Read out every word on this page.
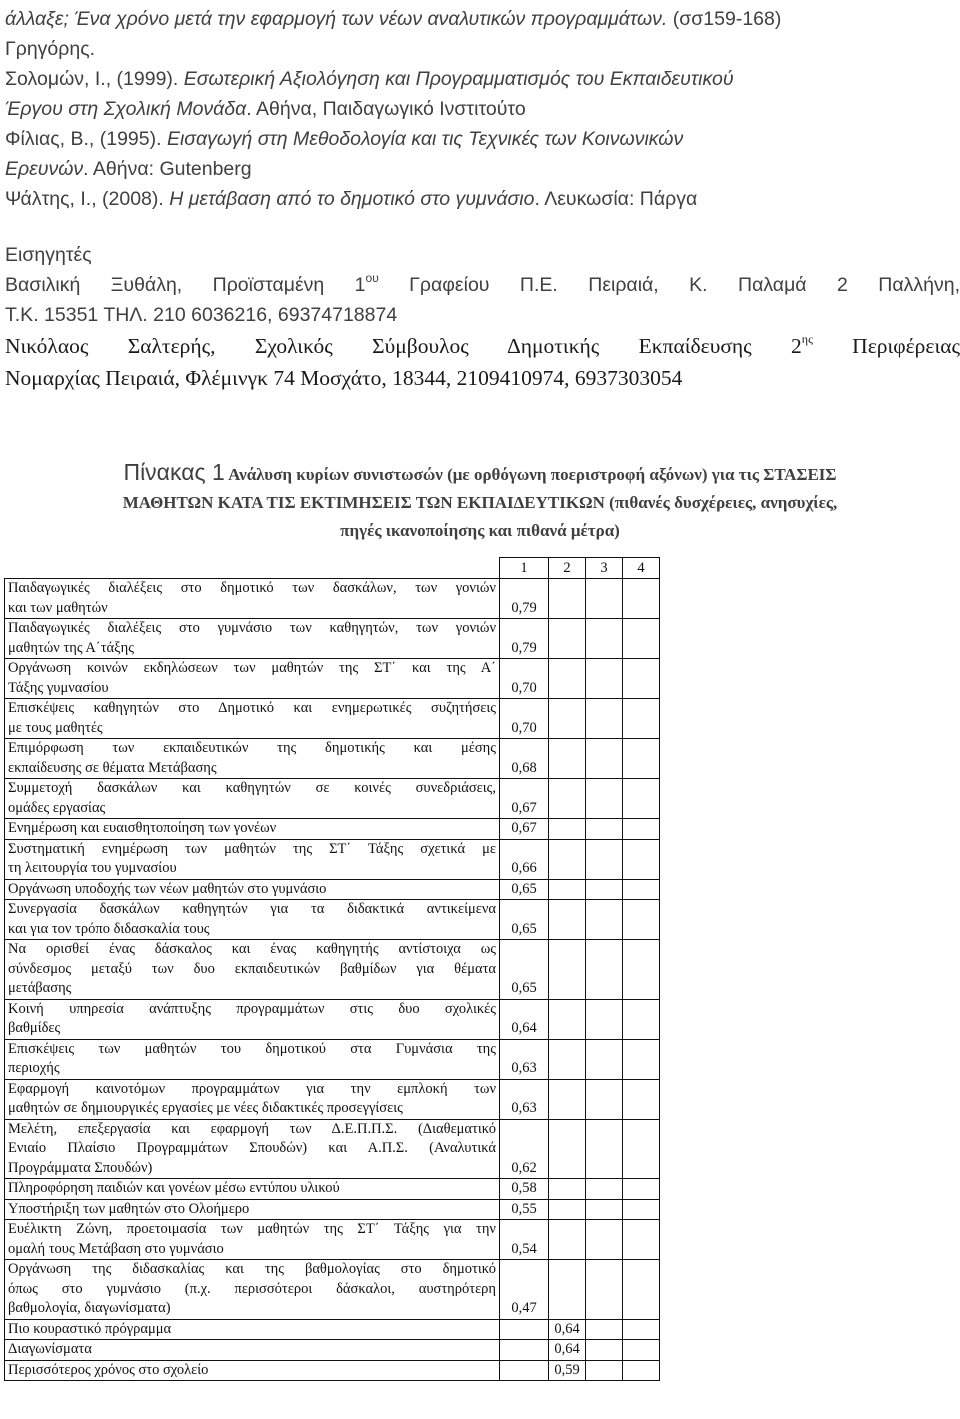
άλλαξε; Ένα χρόνο μετά την εφαρμογή των νέων αναλυτικών προγραμμάτων. (σσ159-168)

Γρηγόρης.

Σολομών, Ι., (1999). Εσωτερική Αξιολόγηση και Προγραμματισμός του Εκπαιδευτικού

Έργου στη Σχολική Μονάδα. Αθήνα, Παιδαγωγικό Ινστιτούτο

Φίλιας, Β., (1995). Εισαγωγή στη Μεθοδολογία και τις Τεχνικές των Κοινωνικών

Ερευνών. Αθήνα: Gutenberg

Ψάλτης, Ι., (2008). Η μετάβαση από το δημοτικό στο γυμνάσιο. Λευκωσία: Πάργα

Εισηγητές

Βασιλική Ξυθάλη, Προϊσταμένη $1^{o\upsilon}$ Γραφείου Π.Ε. Πειραιά, Κ. Παλαμά 2 Παλλήνη,

Τ.Κ. 15351 ΤΗΛ. 210 6036216, 69374718874

Νικόλαος Σαλτερής, Σχολικός Σύμβουλος Δημοτικής Εκπαίδευσης $2^{\eta\varsigma}$ Περιφέρειας

Νομαρχίας Πειραιά, Φλέμινγκ 74 Μοσχάτο, 18344, 2109410974, 6937303054

Πίνακας 1 Ανάλυση κυρίων συνιστωσών (με ορθόγωνη ποεριστροφή αξόνων) για τις ΣΤΑΣΕΙΣ
ΜΑΘΗΤΩΝ ΚΑΤΑ ΤΙΣ ΕΚΤΙΜΗΣΕΙΣ ΤΩΝ ΕΚΠΑΙΔΕΥΤΙΚΩΝ (πιθανές δυσχέρειες, ανησυχίες,
πηγές ικανοποίησης και πιθανά μέτρα)
	1	2	3	4

Παιδαγωγικές διαλέξεις στο δημοτικό των δασκάλων, των γονιών
και των μαθητών	0,79			

Παιδαγωγικές διαλέξεις στο γυμνάσιο των καθηγητών, των γονιών
μαθητών της Α΄τάξης	0,79			

Οργάνωση κοινών εκδηλώσεων των μαθητών της ΣΤ΄ και της Α΄
Τάξης γυμνασίου	0,70			

Επισκέψεις καθηγητών στο Δημοτικό και ενημερωτικές συζητήσεις
με τους μαθητές	0,70			

Επιμόρφωση των εκπαιδευτικών της δημοτικής και μέσης
εκπαίδευσης σε θέματα Μετάβασης	0,68			

Συμμετοχή δασκάλων και καθηγητών σε κοινές συνεδριάσεις,
ομάδες εργασίας	0,67			

Ενημέρωση και ευαισθητοποίηση των γονέων	0,67			

Συστηματική ενημέρωση των μαθητών της ΣΤ΄ Τάξης σχετικά με
τη λειτουργία του γυμνασίου	0,66			

Οργάνωση υποδοχής των νέων μαθητών στο γυμνάσιο	0,65			

Συνεργασία δασκάλων καθηγητών για τα διδακτικά αντικείμενα
και για τον τρόπο διδασκαλία τους	0,65			

Να ορισθεί ένας δάσκαλος και ένας καθηγητής αντίστοιχα ως
σύνδεσμος μεταξύ των δυο εκπαιδευτικών βαθμίδων για θέματα
μετάβασης	0,65			

Κοινή υπηρεσία ανάπτυξης προγραμμάτων στις δυο σχολικές
βαθμίδες	0,64			

Επισκέψεις των μαθητών του δημοτικού στα Γυμνάσια της
περιοχής	0,63			

Εφαρμογή καινοτόμων προγραμμάτων για την εμπλοκή των
μαθητών σε δημιουργικές εργασίες με νέες διδακτικές προσεγγίσεις	0,63			

Μελέτη, επεξεργασία και εφαρμογή των Δ.Ε.Π.Π.Σ. (Διαθεματικό
Ενιαίο Πλαίσιο Προγραμμάτων Σπουδών) και Α.Π.Σ. (Αναλυτικά
Προγράμματα Σπουδών)	0,62			

Πληροφόρηση παιδιών και γονέων μέσω εντύπου υλικού	0,58			

Υποστήριξη των μαθητών στο Ολοήμερο	0,55			

Ευέλικτη Ζώνη, προετοιμασία των μαθητών της ΣΤ΄ Τάξης για την
ομαλή τους Μετάβαση στο γυμνάσιο	0,54			

Οργάνωση της διδασκαλίας και της βαθμολογίας στο δημοτικό
όπως στο γυμνάσιο (π.χ. περισσότεροι δάσκαλοι, αυστηρότερη
βαθμολογία, διαγωνίσματα)	0,47			

Πιο κουραστικό πρόγραμμα		0,64		

Διαγωνίσματα		0,64		

Περισσότερος χρόνος στο σχολείο		0,59		
